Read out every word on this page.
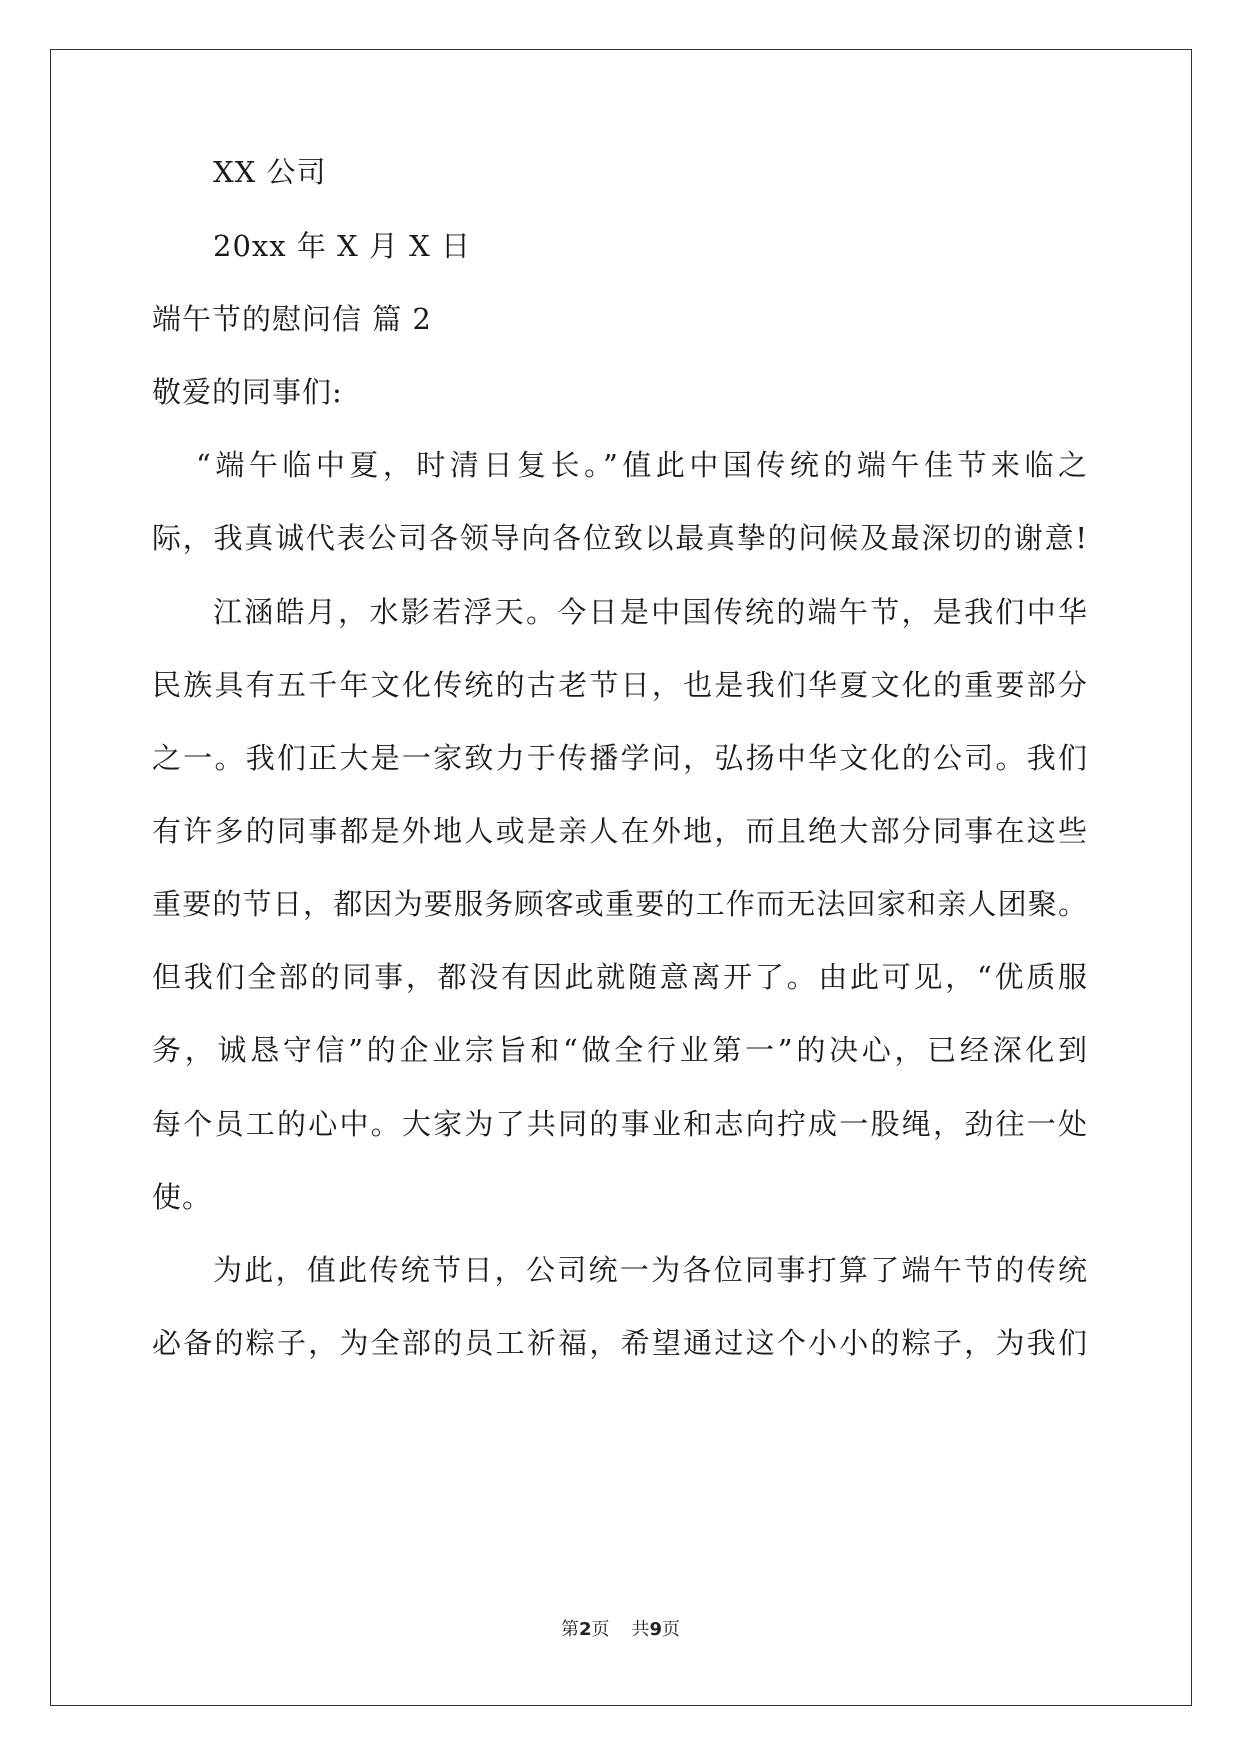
XX 公司
20xx 年 X 月 X 日
端午节的慰问信 篇 2
敬爱的同事们:
“端午临中夏，时清日复长。”值此中国传统的端午佳节来临之
际，我真诚代表公司各领导向各位致以最真挚的问候及最深切的谢意!
江涵皓月，水影若浮天。今日是中国传统的端午节，是我们中华
民族具有五千年文化传统的古老节日，也是我们华夏文化的重要部分
之一。我们正大是一家致力于传播学问，弘扬中华文化的公司。我们
有许多的同事都是外地人或是亲人在外地，而且绝大部分同事在这些
重要的节日，都因为要服务顾客或重要的工作而无法回家和亲人团聚。
但我们全部的同事，都没有因此就随意离开了。由此可见，“优质服
务，诚恳守信”的企业宗旨和“做全行业第一”的决心，已经深化到
每个员工的心中。大家为了共同的事业和志向拧成一股绳，劲往一处
使。
为此，值此传统节日，公司统一为各位同事打算了端午节的传统
必备的粽子，为全部的员工祈福，希望通过这个小小的粽子，为我们
第2页 共9页
